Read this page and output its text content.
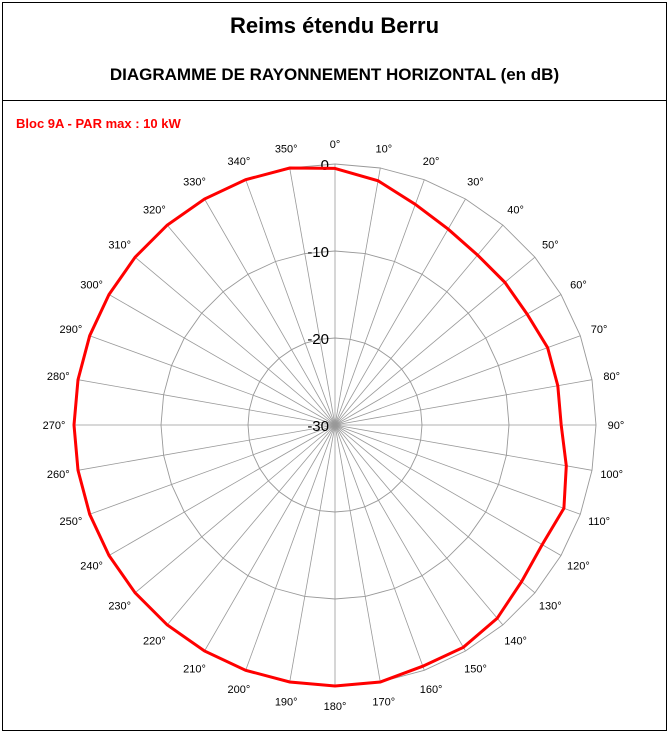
Reims étendu Berru
DIAGRAMME DE RAYONNEMENT HORIZONTAL (en dB)
Bloc 9A - PAR max : 10 kW
0
-10
-20
-30
0°	10°
20°
30°
40°
50°
60°
70°
80°
90°
100°
110°
120°
130°
140°
150°
160°
170°
180°
190°
200°
210°
220°
230°
240°
250°
260°
270°
280°
290°
300°
310°
320°
330°
340°
350°
